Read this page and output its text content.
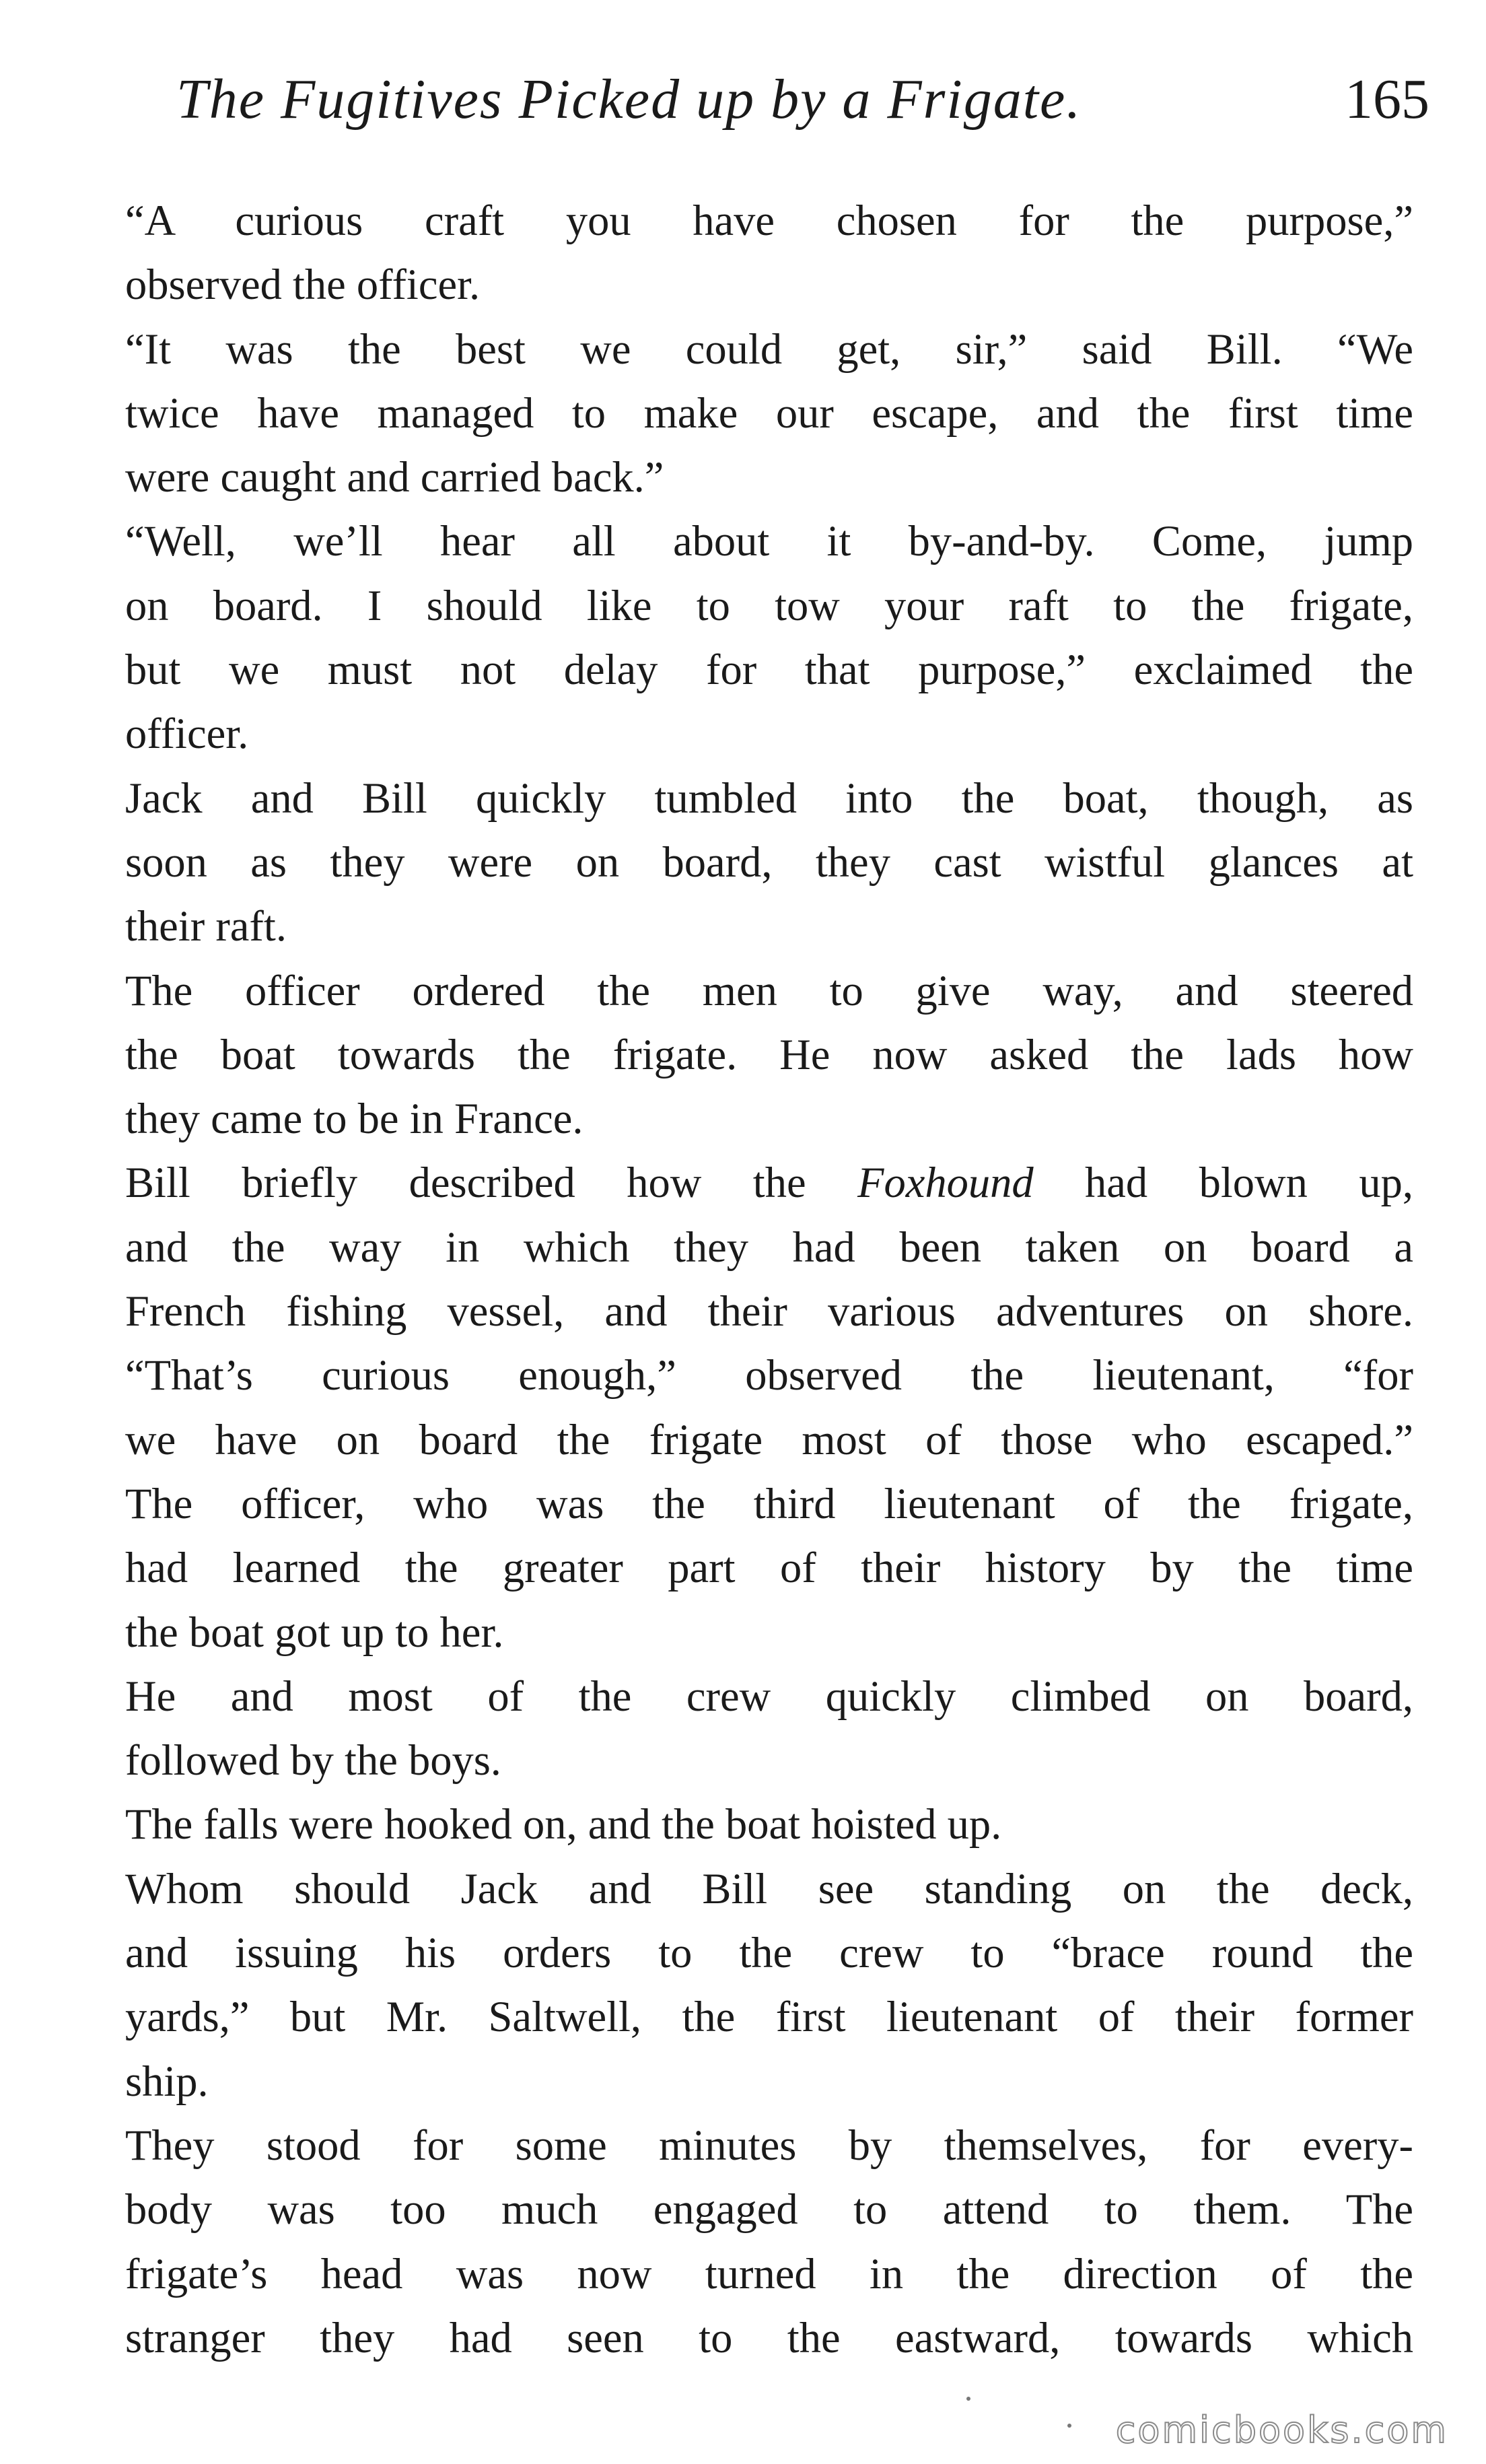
The Fugitives Picked up by a Frigate.	165

“A curious craft you have chosen for the purpose,”
observed the officer.

“It was the best we could get, sir,” said Bill. “We
twice have managed to make our escape, and the first time
were caught and carried back.”

“Well, we’ll hear all about it by-and-by. Come, jump
on board. I should like to tow your raft to the frigate,
but we must not delay for that purpose,” exclaimed the
officer.

Jack and Bill quickly tumbled into the boat, though, as
soon as they were on board, they cast wistful glances at
their raft.

The officer ordered the men to give way, and steered
the boat towards the frigate. He now asked the lads how
they came to be in France.

Bill briefly described how the Foxhound had blown up,
and the way in which they had been taken on board a
French fishing vessel, and their various adventures on shore.

“That’s curious enough,” observed the lieutenant, “for
we have on board the frigate most of those who escaped.”

The officer, who was the third lieutenant of the frigate,
had learned the greater part of their history by the time
the boat got up to her.

He and most of the crew quickly climbed on board,
followed by the boys.

The falls were hooked on, and the boat hoisted up.

Whom should Jack and Bill see standing on the deck,
and issuing his orders to the crew to “brace round the
yards,” but Mr. Saltwell, the first lieutenant of their former
ship.

They stood for some minutes by themselves, for every-
body was too much engaged to attend to them. The
frigate’s head was now turned in the direction of the
stranger they had seen to the eastward, towards which

comicbooks.com
